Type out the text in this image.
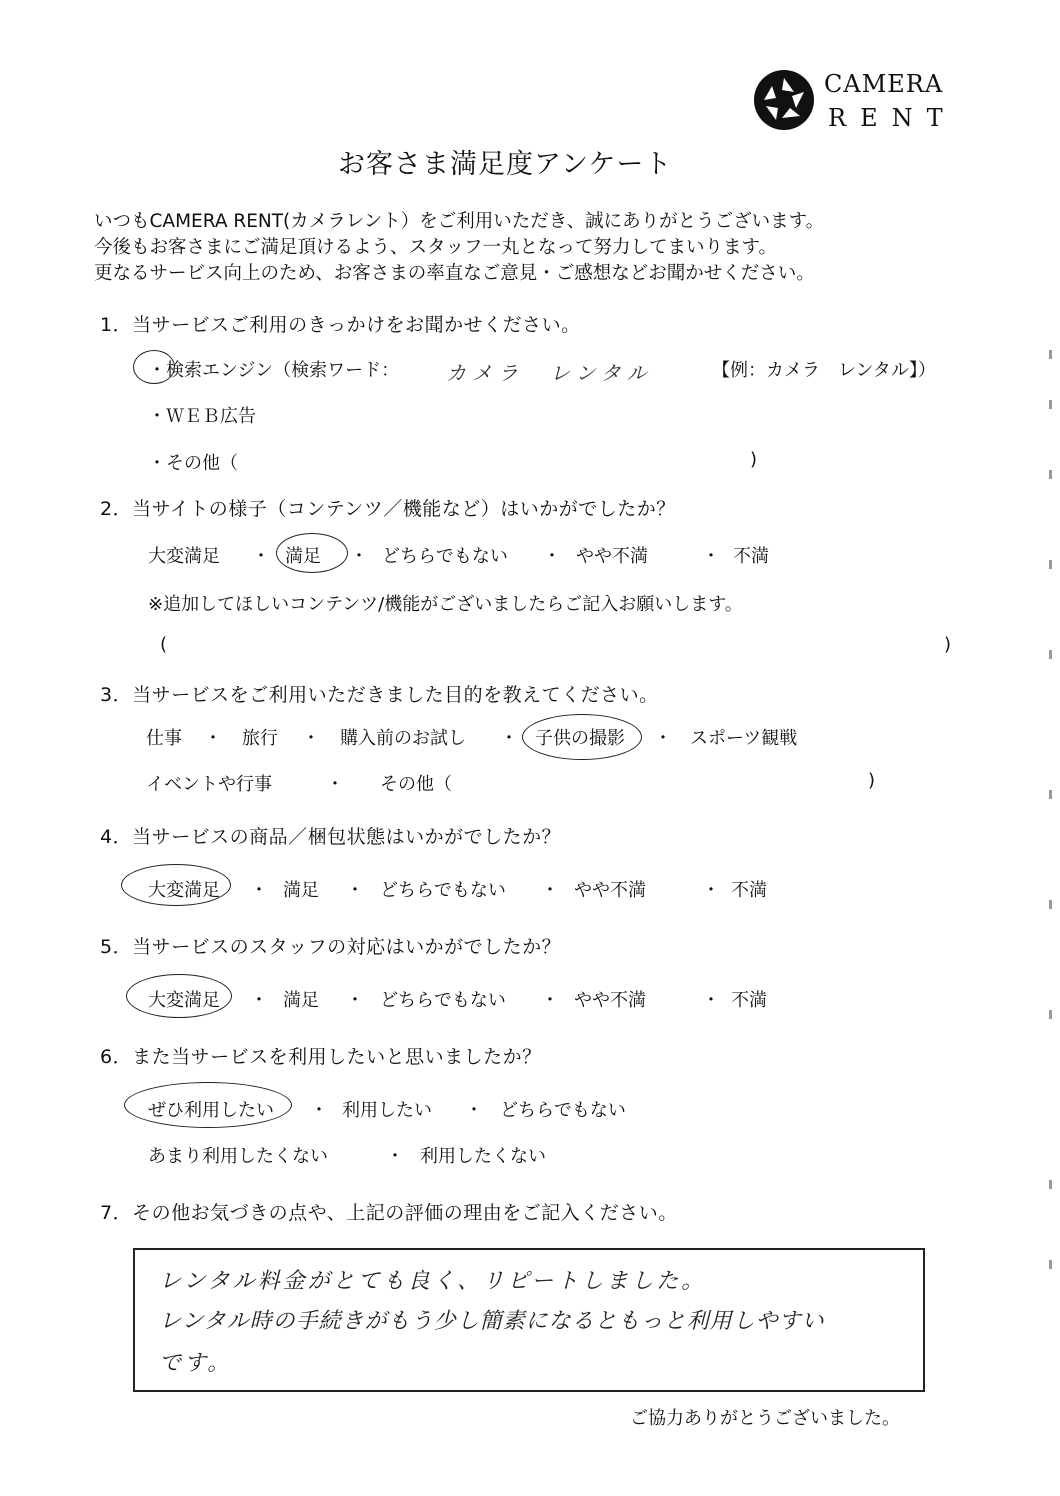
CAMERA
RENT
お客さま満足度アンケート
いつもCAMERA RENT(カメラレント）をご利用いただき、誠にありがとうございます。
今後もお客さまにご満足頂けるよう、スタッフ一丸となって努力してまいります。
更なるサービス向上のため、お客さまの率直なご意見・ご感想などお聞かせください。
1．当サービスご利用のきっかけをお聞かせください。
・検索エンジン（検索ワード： カメラ　レンタル	【例：カメラ　レンタル】）
・ＷＥＢ広告
・その他（	)
2．当サイトの様子（コンテンツ／機能など）はいかがでしたか？
大変満足 ・ 満足 ・ どちらでもない ・ やや不満	・ 不満
※追加してほしいコンテンツ/機能がございましたらご記入お願いします。
(	)
3．当サービスをご利用いただきました目的を教えてください。
仕事 ・ 旅行 ・ 購入前のお試し ・ 子供の撮影 ・ スポーツ観戦
イベントや行事	・ その他（	)
4．当サービスの商品／梱包状態はいかがでしたか？
大変満足 ・ 満足 ・ どちらでもない ・ やや不満	・ 不満
5．当サービスのスタッフの対応はいかがでしたか？
大変満足 ・ 満足 ・ どちらでもない ・ やや不満	・ 不満
6．また当サービスを利用したいと思いましたか？
ぜひ利用したい ・ 利用したい ・ どちらでもない
あまり利用したくない	・ 利用したくない
7．その他お気づきの点や、上記の評価の理由をご記入ください。
レンタル料金がとても良く、リピートしました。
レンタル時の手続きがもう少し簡素になるともっと利用しやすい
です。
ご協力ありがとうございました。
